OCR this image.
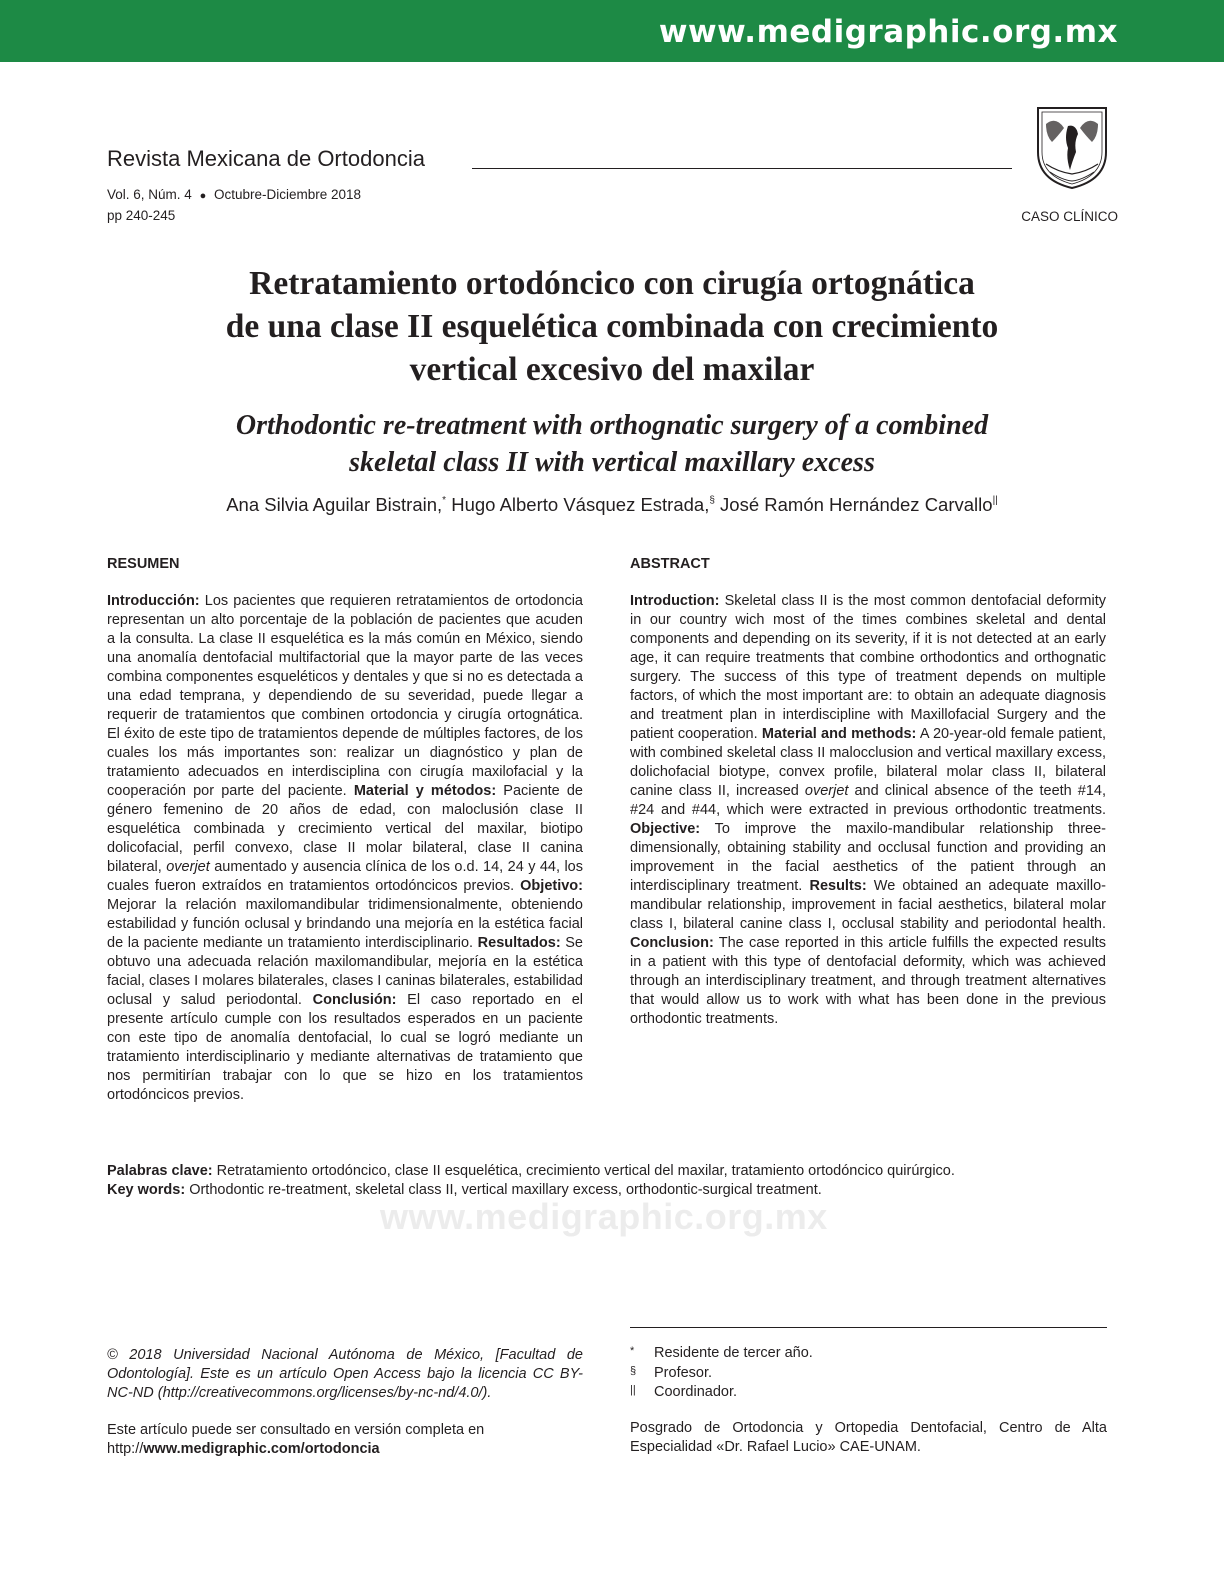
www.medigraphic.org.mx
Revista Mexicana de Ortodoncia
Vol. 6, Núm. 4 ● Octubre-Diciembre 2018
pp 240-245	CASO CLÍNICO
Retratamiento ortodóncico con cirugía ortognática
de una clase II esquelética combinada con crecimiento
vertical excesivo del maxilar
Orthodontic re-treatment with orthognatic surgery of a combined
skeletal class II with vertical maxillary excess
Ana Silvia Aguilar Bistrain,* Hugo Alberto Vásquez Estrada,§ José Ramón Hernández Carvallo||
RESUMEN	ABSTRACT

Introducción: Los pacientes que requieren retratamientos de ortodoncia representan un alto porcentaje de la población de pacientes que acuden a la consulta. La clase II esquelética es la más común en México, siendo una anomalía dentofacial multifactorial que la mayor parte de las veces combina componentes esqueléticos y dentales y que si no es detectada a una edad temprana, y dependiendo de su severidad, puede llegar a requerir de tratamientos que combinen ortodoncia y cirugía ortognática. El éxito de este tipo de tratamientos depende de múltiples factores, de los cuales los más importantes son: realizar un diagnóstico y plan de tratamiento adecuados en interdisciplina con cirugía maxilofacial y la cooperación por parte del paciente. Material y métodos: Paciente de género femenino de 20 años de edad, con maloclusión clase II esquelética combinada y crecimiento vertical del maxilar, biotipo dolicofacial, perfil convexo, clase II molar bilateral, clase II canina bilateral, overjet aumentado y ausencia clínica de los o.d. 14, 24 y 44, los cuales fueron extraídos en tratamientos ortodóncicos previos. Objetivo: Mejorar la relación maxilomandibular tridimensionalmente, obteniendo estabilidad y función oclusal y brindando una mejoría en la estética facial de la paciente mediante un tratamiento interdisciplinario. Resultados: Se obtuvo una adecuada relación maxilomandibular, mejoría en la estética facial, clases I molares bilaterales, clases I caninas bilaterales, estabilidad oclusal y salud periodontal. Conclusión: El caso reportado en el presente artículo cumple con los resultados esperados en un paciente con este tipo de anomalía dentofacial, lo cual se logró mediante un tratamiento interdisciplinario y mediante alternativas de tratamiento que nos permitirían trabajar con lo que se hizo en los tratamientos ortodóncicos previos.

Introduction: Skeletal class II is the most common dentofacial deformity in our country wich most of the times combines skeletal and dental components and depending on its severity, if it is not detected at an early age, it can require treatments that combine orthodontics and orthognatic surgery. The success of this type of treatment depends on multiple factors, of which the most important are: to obtain an adequate diagnosis and treatment plan in interdiscipline with Maxillofacial Surgery and the patient cooperation. Material and methods: A 20-year-old female patient, with combined skeletal class II malocclusion and vertical maxillary excess, dolichofacial biotype, convex profile, bilateral molar class II, bilateral canine class II, increased overjet and clinical absence of the teeth #14, #24 and #44, which were extracted in previous orthodontic treatments. Objective: To improve the maxilo-mandibular relationship three-dimensionally, obtaining stability and occlusal function and providing an improvement in the facial aesthetics of the patient through an interdisciplinary treatment. Results: We obtained an adequate maxillo-mandibular relationship, improvement in facial aesthetics, bilateral molar class I, bilateral canine class I, occlusal stability and periodontal health. Conclusion: The case reported in this article fulfills the expected results in a patient with this type of dentofacial deformity, which was achieved through an interdisciplinary treatment, and through treatment alternatives that would allow us to work with what has been done in the previous orthodontic treatments.

Palabras clave: Retratamiento ortodóncico, clase II esquelética, crecimiento vertical del maxilar, tratamiento ortodóncico quirúrgico.
Key words: Orthodontic re-treatment, skeletal class II, vertical maxillary excess, orthodontic-surgical treatment.
www.medigraphic.org.mx

© 2018 Universidad Nacional Autónoma de México, [Facultad de Odontología]. Este es un artículo Open Access bajo la licencia CC BY-NC-ND (http://creativecommons.org/licenses/by-nc-nd/4.0/).

Este artículo puede ser consultado en versión completa en
http://www.medigraphic.com/ortodoncia
* Residente de tercer año.
§ Profesor.
|| Coordinador.

Posgrado de Ortodoncia y Ortopedia Dentofacial, Centro de Alta Especialidad «Dr. Rafael Lucio» CAE-UNAM.
